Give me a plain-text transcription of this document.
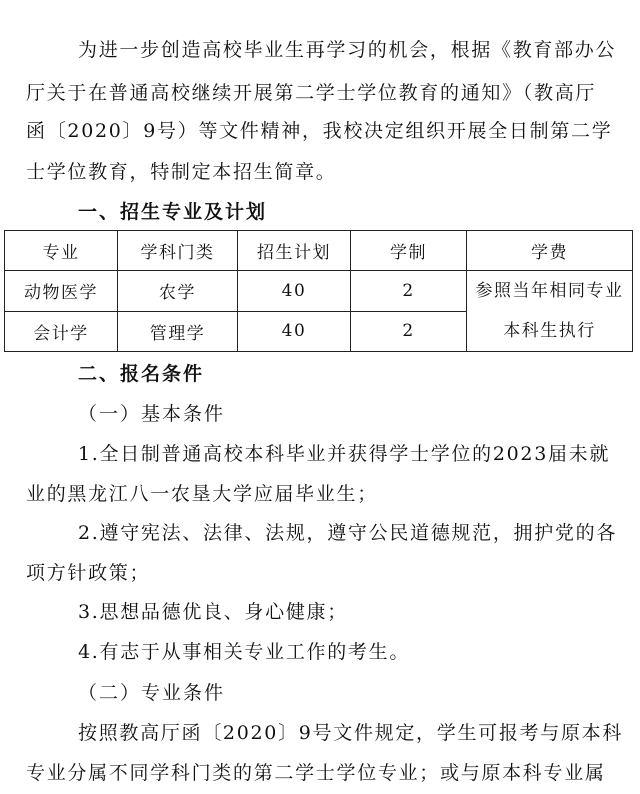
为进一步创造高校毕业生再学习的机会，根据《教育部办公
厅关于在普通高校继续开展第二学士学位教育的通知》（教高厅
函〔2020〕9号）等文件精神，我校决定组织开展全日制第二学
士学位教育，特制定本招生简章。
一、招生专业及计划
专业	学科门类	招生计划	学制	学费
动物医学	农学	40	2	参照当年相同专业
本科生执行

会计学	管理学	40	2	
二、报名条件
（一）基本条件
1.全日制普通高校本科毕业并获得学士学位的2023届未就
业的黑龙江八一农垦大学应届毕业生；
2.遵守宪法、法律、法规，遵守公民道德规范，拥护党的各
项方针政策；
3.思想品德优良、身心健康；
4.有志于从事相关专业工作的考生。
（二）专业条件
按照教高厅函〔2020〕9号文件规定，学生可报考与原本科
专业分属不同学科门类的第二学士学位专业；或与原本科专业属
